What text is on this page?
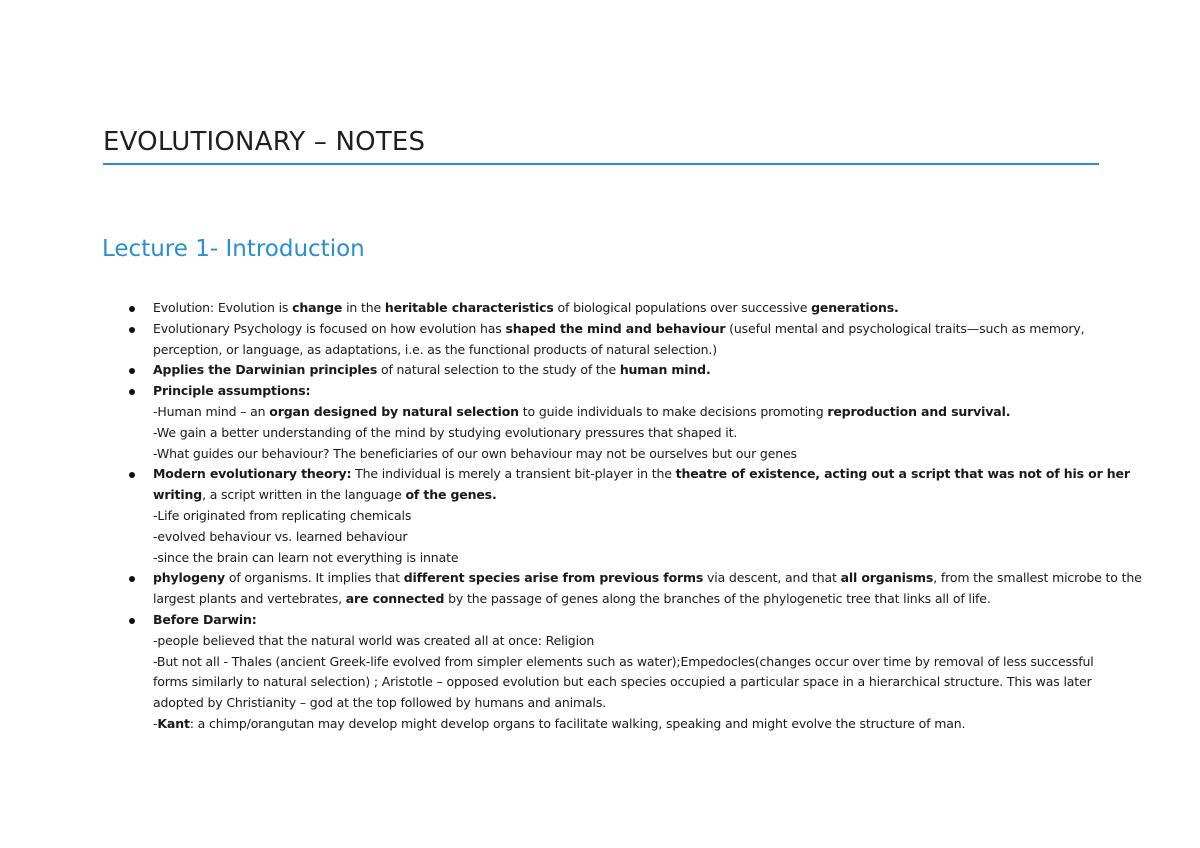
EVOLUTIONARY – NOTES
Lecture 1- Introduction
Evolution: Evolution is change in the heritable characteristics of biological populations over successive generations.
Evolutionary Psychology is focused on how evolution has shaped the mind and behaviour (useful mental and psychological traits—such as memory,
perception, or language, as adaptations, i.e. as the functional products of natural selection.)
Applies the Darwinian principles of natural selection to the study of the human mind.
Principle assumptions:
-Human mind – an organ designed by natural selection to guide individuals to make decisions promoting reproduction and survival.
-We gain a better understanding of the mind by studying evolutionary pressures that shaped it.
-What guides our behaviour? The beneficiaries of our own behaviour may not be ourselves but our genes
Modern evolutionary theory: The individual is merely a transient bit-player in the theatre of existence, acting out a script that was not of his or her
writing, a script written in the language of the genes.
-Life originated from replicating chemicals
-evolved behaviour vs. learned behaviour
-since the brain can learn not everything is innate
phylogeny of organisms. It implies that different species arise from previous forms via descent, and that all organisms, from the smallest microbe to the
largest plants and vertebrates, are connected by the passage of genes along the branches of the phylogenetic tree that links all of life.
Before Darwin:
-people believed that the natural world was created all at once: Religion
-But not all - Thales (ancient Greek-life evolved from simpler elements such as water);Empedocles(changes occur over time by removal of less successful
forms similarly to natural selection) ; Aristotle – opposed evolution but each species occupied a particular space in a hierarchical structure. This was later
adopted by Christianity – god at the top followed by humans and animals.
-Kant: a chimp/orangutan may develop might develop organs to facilitate walking, speaking and might evolve the structure of man.
